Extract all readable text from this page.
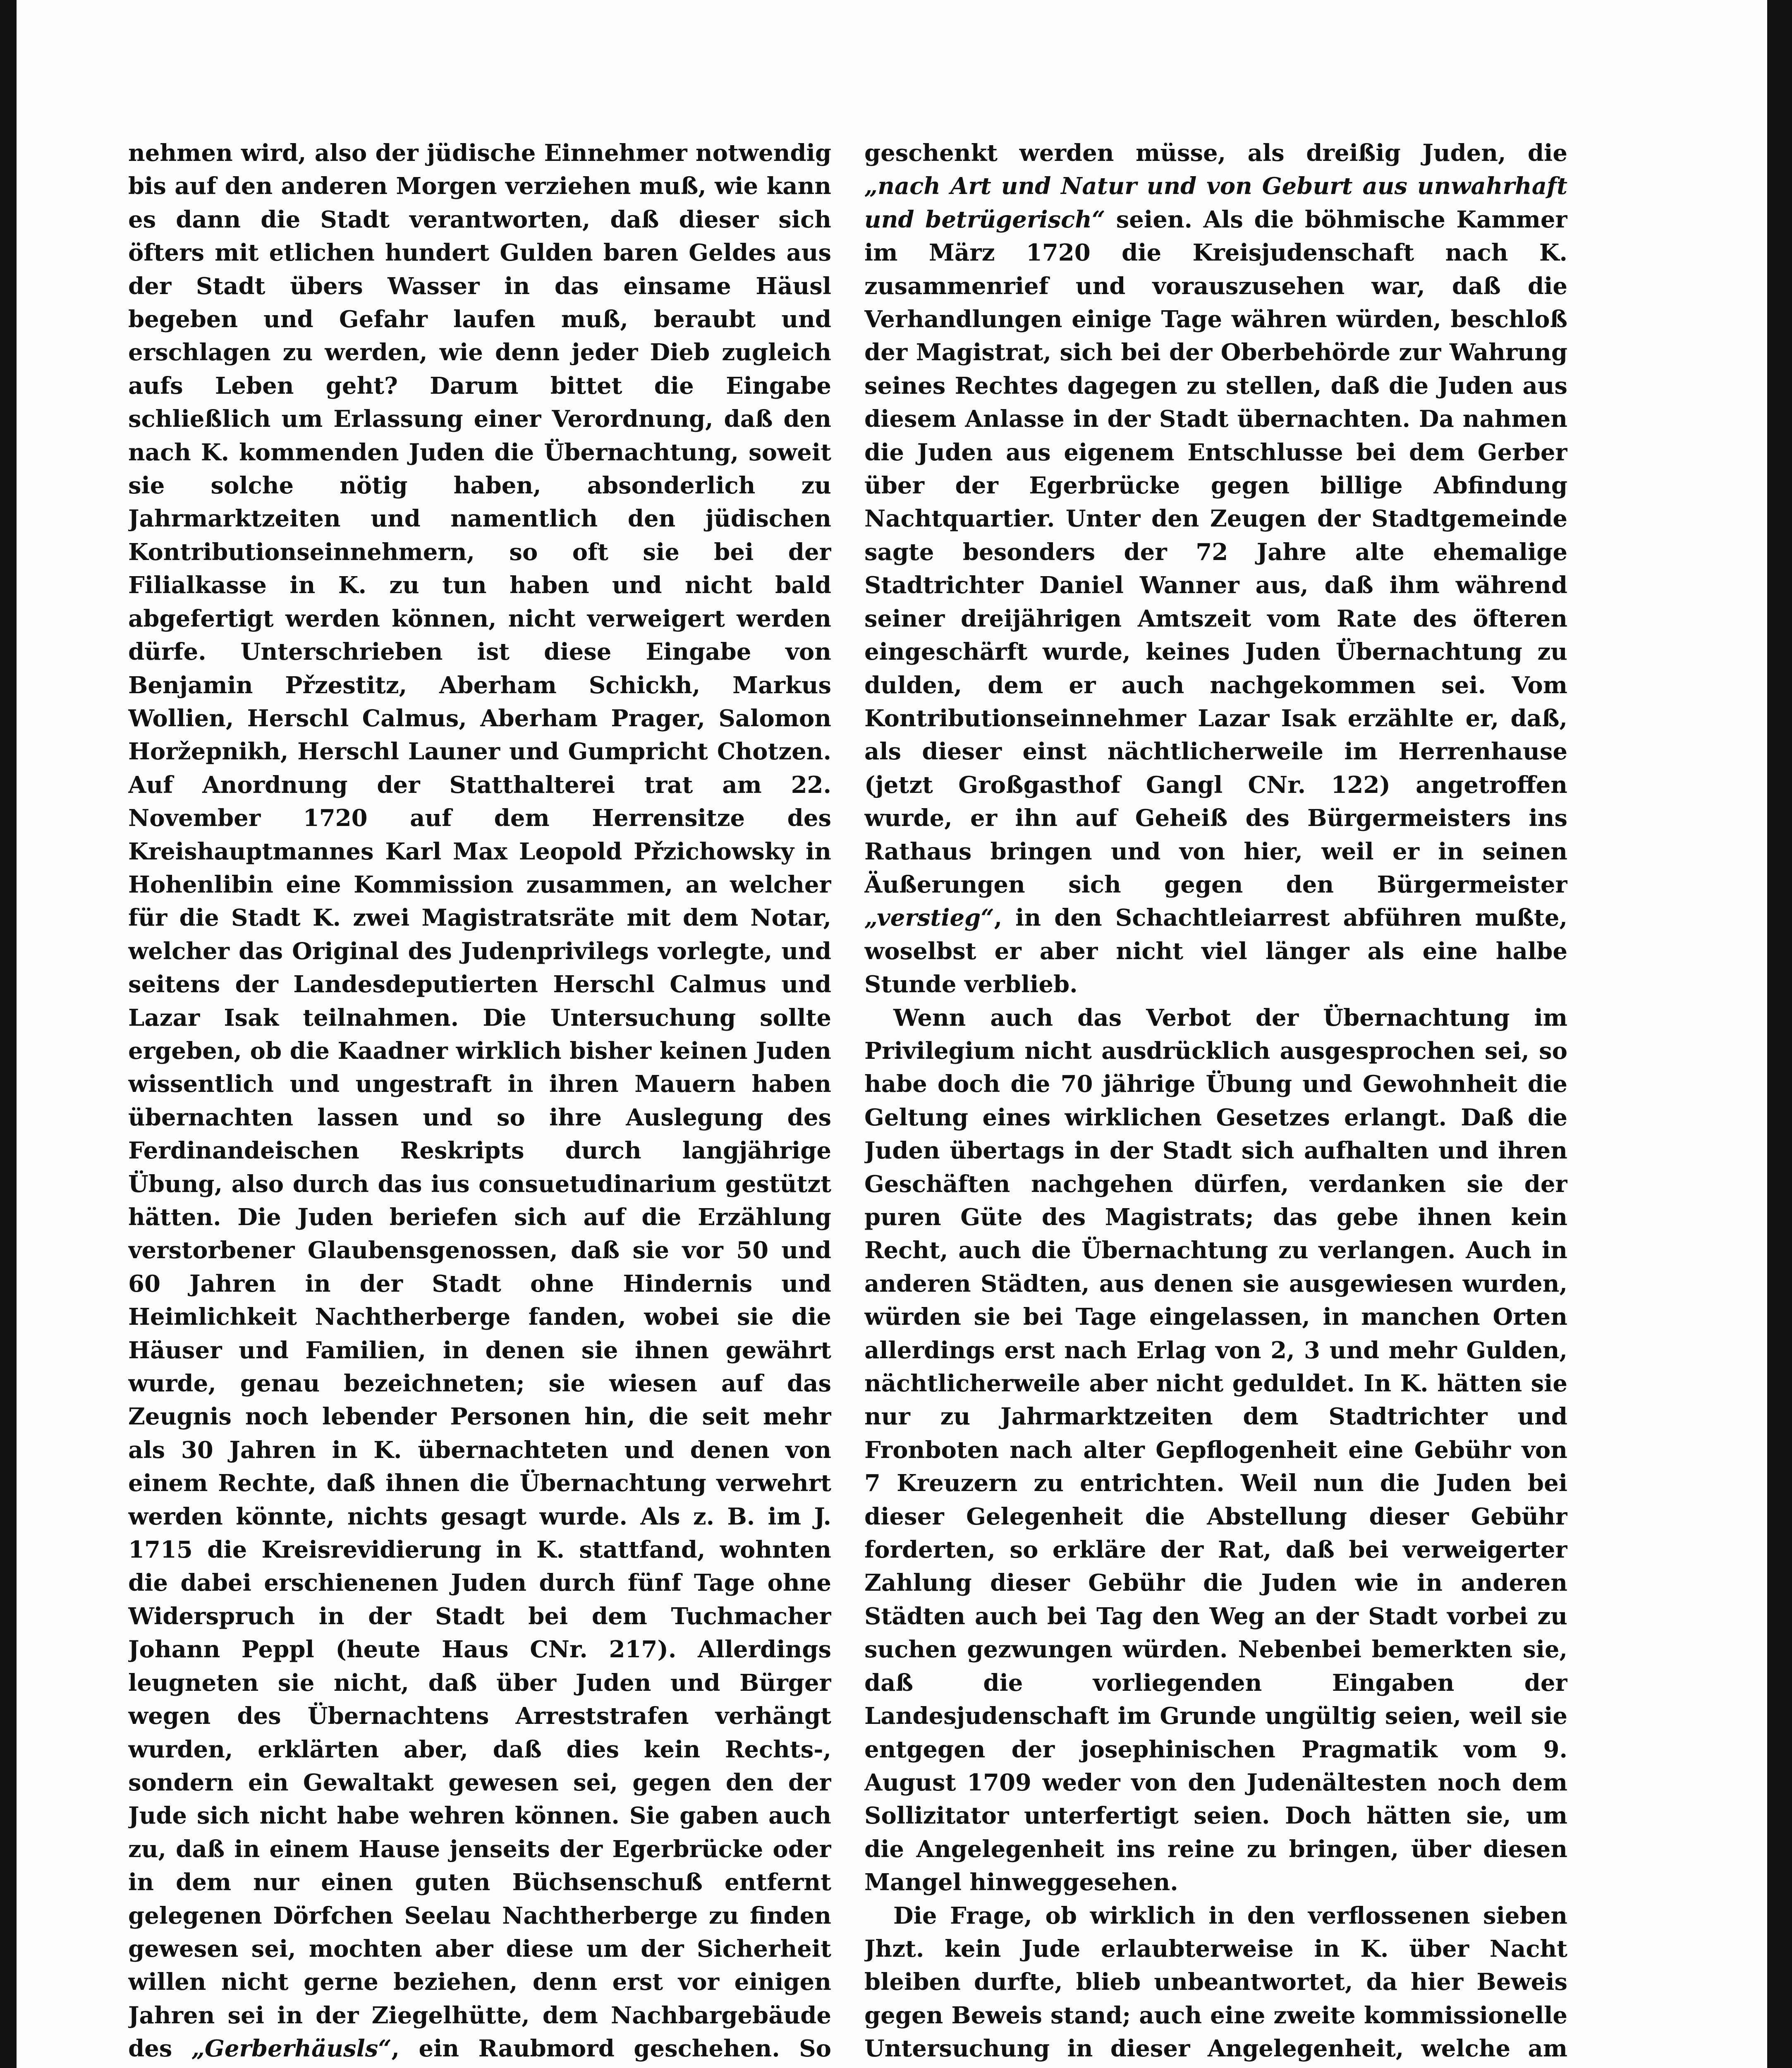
nehmen wird, also der jüdische Einnehmer notwendig bis auf den anderen Morgen verziehen muß, wie kann es dann die Stadt verantworten, daß dieser sich öfters mit etlichen hundert Gulden baren Geldes aus der Stadt übers Wasser in das einsame Häusl begeben und Gefahr laufen muß, beraubt und erschlagen zu werden, wie denn jeder Dieb zugleich aufs Leben geht? Darum bittet die Eingabe schließlich um Erlassung einer Verordnung, daß den nach K. kommenden Juden die Übernachtung, soweit sie solche nötig haben, absonderlich zu Jahrmarktzeiten und namentlich den jüdischen Kontributionseinnehmern, so oft sie bei der Filialkasse in K. zu tun haben und nicht bald abgefertigt werden können, nicht verweigert werden dürfe. Unterschrieben ist diese Eingabe von Benjamin Přzestitz, Aberham Schickh, Markus Wollien, Herschl Calmus, Aberham Prager, Salomon Horžepnikh, Herschl Launer und Gumpricht Chotzen. Auf Anordnung der Statthalterei trat am 22. November 1720 auf dem Herrensitze des Kreishauptmannes Karl Max Leopold Přzichowsky in Hohenlibin eine Kommission zusammen, an welcher für die Stadt K. zwei Magistratsräte mit dem Notar, welcher das Original des Judenprivilegs vorlegte, und seitens der Landesdeputierten Herschl Calmus und Lazar Isak teilnahmen. Die Untersuchung sollte ergeben, ob die Kaadner wirklich bisher keinen Juden wissentlich und ungestraft in ihren Mauern haben übernachten lassen und so ihre Auslegung des Ferdinandeischen Reskripts durch langjährige Übung, also durch das ius consuetudinarium gestützt hätten. Die Juden beriefen sich auf die Erzählung verstorbener Glaubensgenossen, daß sie vor 50 und 60 Jahren in der Stadt ohne Hindernis und Heimlichkeit Nachtherberge fanden, wobei sie die Häuser und Familien, in denen sie ihnen gewährt wurde, genau bezeichneten; sie wiesen auf das Zeugnis noch lebender Personen hin, die seit mehr als 30 Jahren in K. übernachteten und denen von einem Rechte, daß ihnen die Übernachtung verwehrt werden könnte, nichts gesagt wurde. Als z. B. im J. 1715 die Kreisrevidierung in K. stattfand, wohnten die dabei erschienenen Juden durch fünf Tage ohne Widerspruch in der Stadt bei dem Tuchmacher Johann Peppl (heute Haus CNr. 217). Allerdings leugneten sie nicht, daß über Juden und Bürger wegen des Übernachtens Arreststrafen verhängt wurden, erklärten aber, daß dies kein Rechts-, sondern ein Gewaltakt gewesen sei, gegen den der Jude sich nicht habe wehren können. Sie gaben auch zu, daß in einem Hause jenseits der Egerbrücke oder in dem nur einen guten Büchsenschuß entfernt gelegenen Dörfchen Seelau Nachtherberge zu finden gewesen sei, mochten aber diese um der Sicherheit willen nicht gerne beziehen, denn erst vor einigen Jahren sei in der Ziegelhütte, dem Nachbargebäude des „Gerberhäusls“, ein Raubmord geschehen. So

geschenkt werden müsse, als dreißig Juden, die „nach Art und Natur und von Geburt aus unwahrhaft und betrügerisch“ seien. Als die böhmische Kammer im März 1720 die Kreisjudenschaft nach K. zusammenrief und vorauszusehen war, daß die Verhandlungen einige Tage währen würden, beschloß der Magistrat, sich bei der Oberbehörde zur Wahrung seines Rechtes dagegen zu stellen, daß die Juden aus diesem Anlasse in der Stadt übernachten. Da nahmen die Juden aus eigenem Entschlusse bei dem Gerber über der Egerbrücke gegen billige Abfindung Nachtquartier. Unter den Zeugen der Stadtgemeinde sagte besonders der 72 Jahre alte ehemalige Stadtrichter Daniel Wanner aus, daß ihm während seiner dreijährigen Amtszeit vom Rate des öfteren eingeschärft wurde, keines Juden Übernachtung zu dulden, dem er auch nachgekommen sei. Vom Kontributionseinnehmer Lazar Isak erzählte er, daß, als dieser einst nächtlicherweile im Herrenhause (jetzt Großgasthof Gangl CNr. 122) angetroffen wurde, er ihn auf Geheiß des Bürgermeisters ins Rathaus bringen und von hier, weil er in seinen Äußerungen sich gegen den Bürgermeister „verstieg“, in den Schachtleiarrest abführen mußte, woselbst er aber nicht viel länger als eine halbe Stunde verblieb.

Wenn auch das Verbot der Übernachtung im Privilegium nicht ausdrücklich ausgesprochen sei, so habe doch die 70 jährige Übung und Gewohnheit die Geltung eines wirklichen Gesetzes erlangt. Daß die Juden übertags in der Stadt sich aufhalten und ihren Geschäften nachgehen dürfen, verdanken sie der puren Güte des Magistrats; das gebe ihnen kein Recht, auch die Übernachtung zu verlangen. Auch in anderen Städten, aus denen sie ausgewiesen wurden, würden sie bei Tage eingelassen, in manchen Orten allerdings erst nach Erlag von 2, 3 und mehr Gulden, nächtlicherweile aber nicht geduldet. In K. hätten sie nur zu Jahrmarktzeiten dem Stadtrichter und Fronboten nach alter Gepflogenheit eine Gebühr von 7 Kreuzern zu entrichten. Weil nun die Juden bei dieser Gelegenheit die Abstellung dieser Gebühr forderten, so erkläre der Rat, daß bei verweigerter Zahlung dieser Gebühr die Juden wie in anderen Städten auch bei Tag den Weg an der Stadt vorbei zu suchen gezwungen würden. Nebenbei bemerkten sie, daß die vorliegenden Eingaben der Landesjudenschaft im Grunde ungültig seien, weil sie entgegen der josephinischen Pragmatik vom 9. August 1709 weder von den Judenältesten noch dem Sollizitator unterfertigt seien. Doch hätten sie, um die Angelegenheit ins reine zu bringen, über diesen Mangel hinweggesehen.

Die Frage, ob wirklich in den verflossenen sieben Jhzt. kein Jude erlaubterweise in K. über Nacht bleiben durfte, blieb unbeantwortet, da hier Beweis gegen Beweis stand; auch eine zweite kommissionelle Untersuchung in dieser Angelegenheit, welche am
